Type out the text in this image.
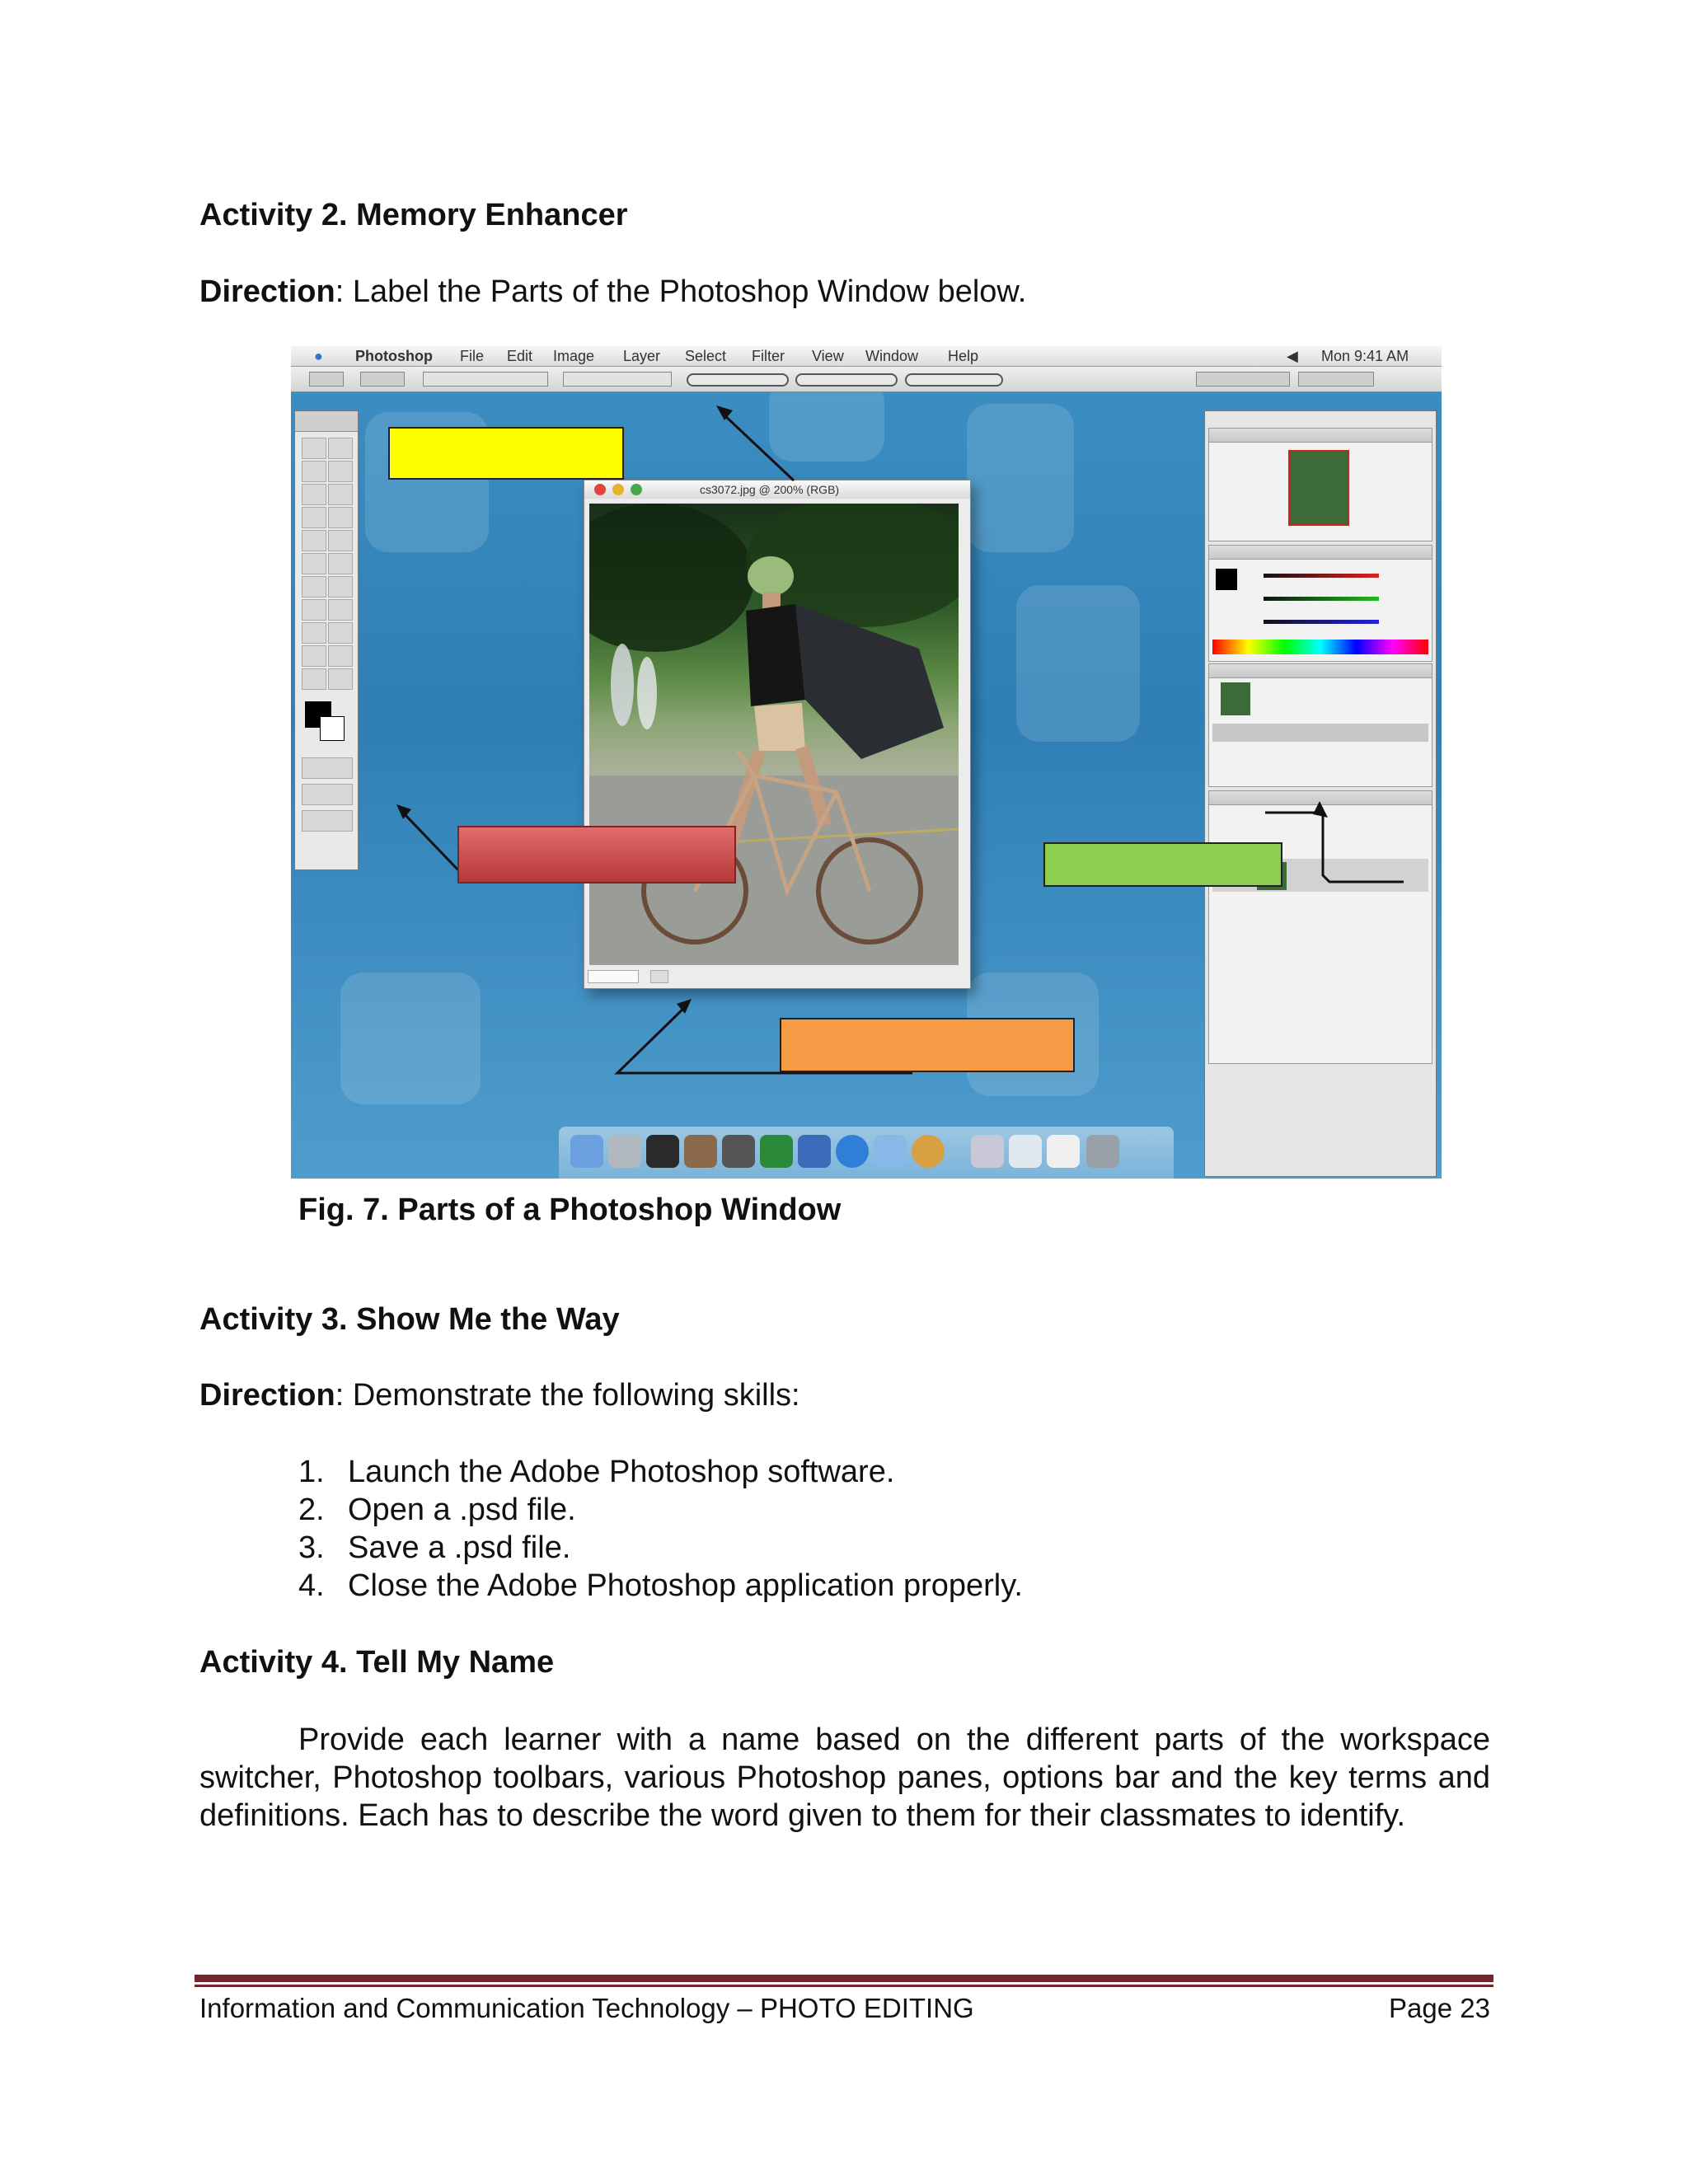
Activity 2. Memory Enhancer
Direction: Label the Parts of the Photoshop Window below.
● Photoshop File Edit Image Layer Select Filter View Window Help	◀ Mon 9:41 AM
cs3072.jpg @ 200% (RGB)
Fig. 7. Parts of a Photoshop Window
Activity 3. Show Me the Way
Direction: Demonstrate the following skills:
1. Launch the Adobe Photoshop software.
2. Open a .psd file.
3. Save a .psd file.
4. Close the Adobe Photoshop application properly.
Activity 4. Tell My Name
Provide each learner with a name based on the different parts of the workspace switcher, Photoshop toolbars, various Photoshop panes, options bar and the key terms and definitions. Each has to describe the word given to them for their classmates to identify.
Information and Communication Technology – PHOTO EDITING	Page 23
